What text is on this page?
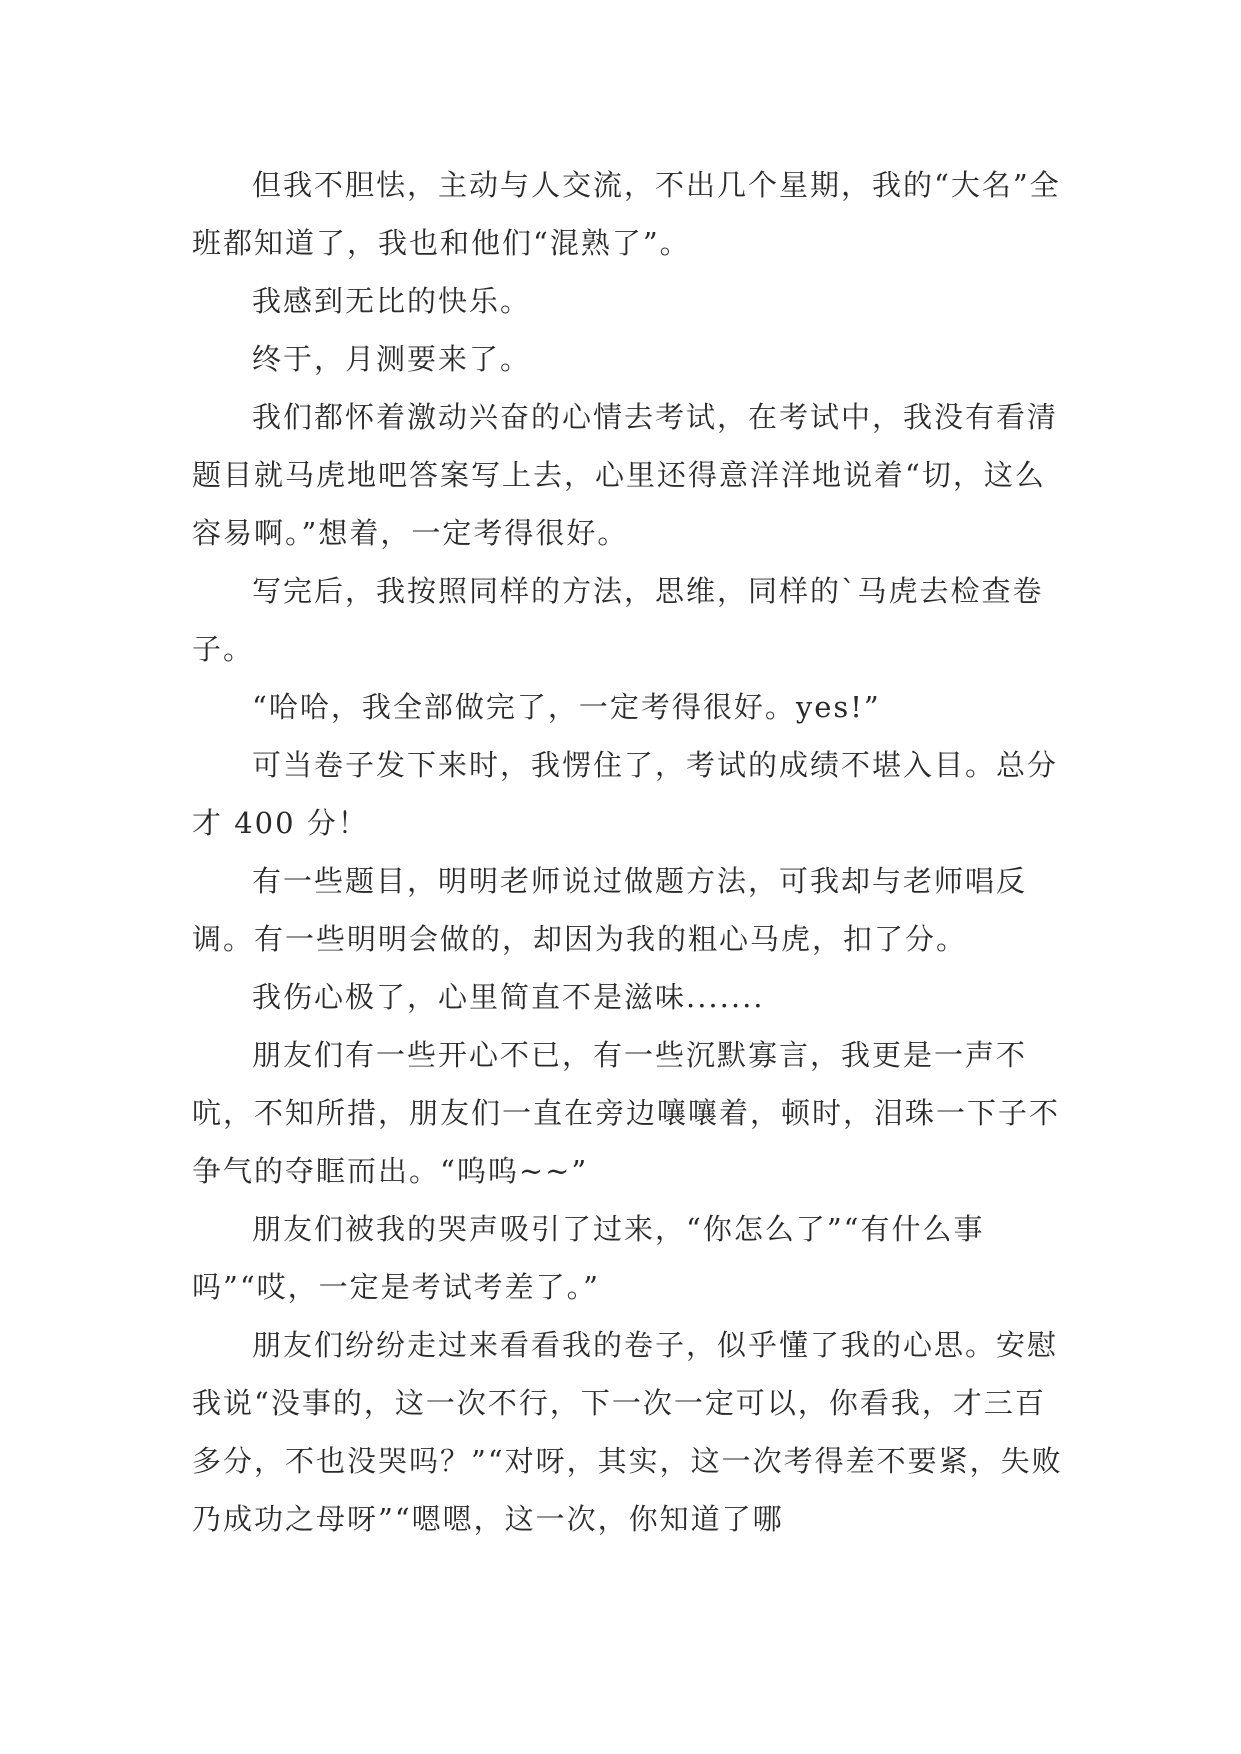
但我不胆怯，主动与人交流，不出几个星期，我的“大名”全班都知道了，我也和他们“混熟了”。

我感到无比的快乐。

终于，月测要来了。

我们都怀着激动兴奋的心情去考试，在考试中，我没有看清题目就马虎地吧答案写上去，心里还得意洋洋地说着“切，这么容易啊。”想着，一定考得很好。

写完后，我按照同样的方法，思维，同样的`马虎去检查卷子。

“哈哈，我全部做完了，一定考得很好。yes!”

可当卷子发下来时，我愣住了，考试的成绩不堪入目。总分才 400 分！

有一些题目，明明老师说过做题方法，可我却与老师唱反调。有一些明明会做的，却因为我的粗心马虎，扣了分。

我伤心极了，心里简直不是滋味.......

朋友们有一些开心不已，有一些沉默寡言，我更是一声不吭，不知所措，朋友们一直在旁边嚷嚷着，顿时，泪珠一下子不争气的夺眶而出。“呜呜~~”

朋友们被我的哭声吸引了过来，“你怎么了”“有什么事吗”“哎，一定是考试考差了。”

朋友们纷纷走过来看看我的卷子，似乎懂了我的心思。安慰我说“没事的，这一次不行，下一次一定可以，你看我，才三百多分，不也没哭吗？”“对呀，其实，这一次考得差不要紧，失败乃成功之母呀”“嗯嗯，这一次，你知道了哪
